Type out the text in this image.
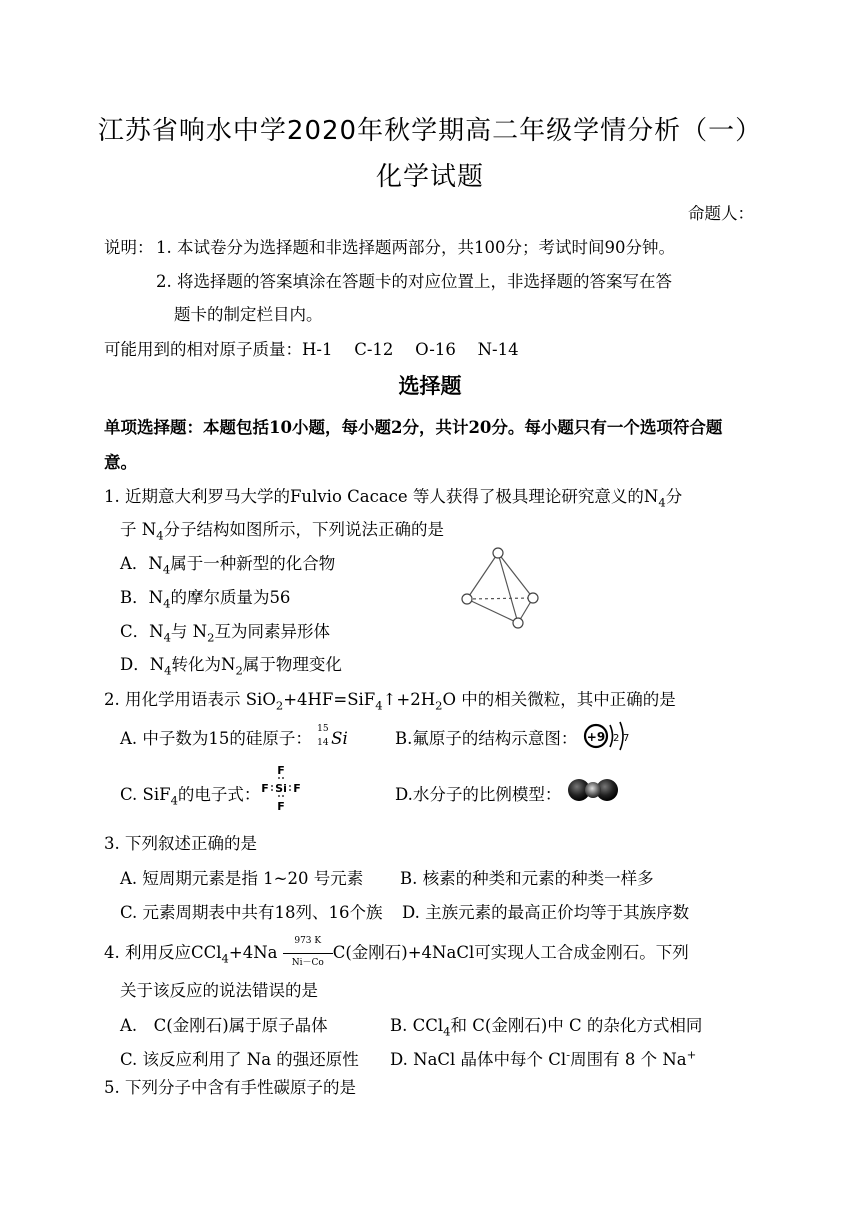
江苏省响水中学2020年秋学期高二年级学情分析（一）
化学试题
命题人：
说明： 1. 本试卷分为选择题和非选择题两部分，共100分；考试时间90分钟。
2. 将选择题的答案填涂在答题卡的对应位置上，非选择题的答案写在答
题卡的制定栏目内。
可能用到的相对原子质量：H-1　 C-12　 O-16　 N-14
选择题
单项选择题：本题包括10小题，每小题2分，共计20分。每小题只有一个选项符合题
意。
1. 近期意大利罗马大学的Fulvio Cacace 等人获得了极具理论研究意义的$N_4$分
子 $N_4$分子结构如图所示，下列说法正确的是
A．$N_4$属于一种新型的化合物
B．$N_4$的摩尔质量为56
C．$N_4$与 $N_2$互为同素异形体
D．$N_4$转化为$N_2$属于物理变化
2. 用化学用语表示 $SiO_2+4HF=SiF_4↑+2H_2O$ 中的相关微粒，其中正确的是
A. 中子数为15的硅原子：
15
14 Si	B.氟原子的结构示意图： +9 2 7
C. SiF$_4$的电子式：
F
F Si F
F
D.水分子的比例模型：
3. 下列叙述正确的是
A. 短周期元素是指 1~20 号元素 B. 核素的种类和元素的种类一样多
C. 元素周期表中共有18列、16个族 D. 主族元素的最高正价均等于其族序数
4. 利用反应$CCl_4+4Na \frac{973 K}{Ni-Co} C$(金刚石)+4NaCl可实现人工合成金刚石。下列
关于该反应的说法错误的是
A.　C(金刚石)属于原子晶体	B. CCl$_4$和 C(金刚石)中 C 的杂化方式相同
C. 该反应利用了 Na 的强还原性 D. NaCl 晶体中每个 Cl-周围有 8 个 Na+
5. 下列分子中含有手性碳原子的是
